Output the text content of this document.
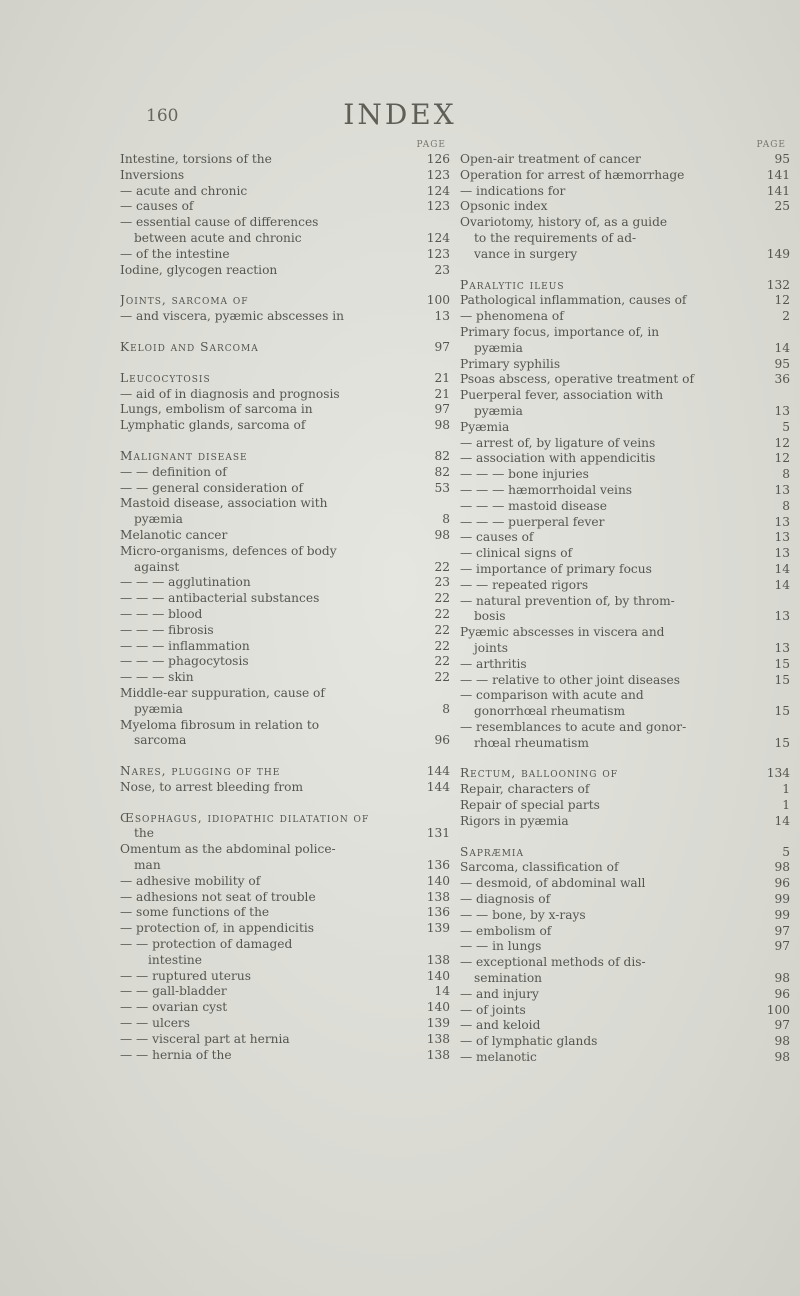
160	INDEX
PAGE
Intestine, torsions of the	126
Inversions	123
— acute and chronic	124
— causes of	123
— essential cause of differences
between acute and chronic	124
— of the intestine	123
Iodine, glycogen reaction	23
Joints, sarcoma of	100
— and viscera, pyæmic abscesses in	13
Keloid and Sarcoma	97
Leucocytosis	21
— aid of in diagnosis and prognosis	21
Lungs, embolism of sarcoma in	97
Lymphatic glands, sarcoma of	98
Malignant disease	82
— — definition of	82
— — general consideration of	53
Mastoid disease, association with
pyæmia	8
Melanotic cancer	98
Micro-organisms, defences of body
against	22
— — — agglutination	23
— — — antibacterial substances	22
— — — blood	22
— — — fibrosis	22
— — — inflammation	22
— — — phagocytosis	22
— — — skin	22
Middle-ear suppuration, cause of
pyæmia	8
Myeloma fibrosum in relation to
sarcoma	96
Nares, plugging of the	144
Nose, to arrest bleeding from	144
Œsophagus, idiopathic dilatation of
the	131
Omentum as the abdominal police-
man	136
— adhesive mobility of	140
— adhesions not seat of trouble	138
— some functions of the	136
— protection of, in appendicitis	139
— — protection of damaged
intestine	138
— — ruptured uterus	140
— — gall-bladder	14
— — ovarian cyst	140
— — ulcers	139
— — visceral part at hernia	138
— — hernia of the	138
PAGE
Open-air treatment of cancer	95
Operation for arrest of hæmorrhage	141
— indications for	141
Opsonic index	25
Ovariotomy, history of, as a guide
to the requirements of ad-
vance in surgery	149
Paralytic ileus	132
Pathological inflammation, causes of	12
— phenomena of	2
Primary focus, importance of, in
pyæmia	14
Primary syphilis	95
Psoas abscess, operative treatment of	36
Puerperal fever, association with
pyæmia	13
Pyæmia	5
— arrest of, by ligature of veins	12
— association with appendicitis	12
— — — bone injuries	8
— — — hæmorrhoidal veins	13
— — — mastoid disease	8
— — — puerperal fever	13
— causes of	13
— clinical signs of	13
— importance of primary focus	14
— — repeated rigors	14
— natural prevention of, by throm-
bosis	13
Pyæmic abscesses in viscera and
joints	13
— arthritis	15
— — relative to other joint diseases	15
— comparison with acute and
gonorrhœal rheumatism	15
— resemblances to acute and gonor-
rhœal rheumatism	15
Rectum, ballooning of	134
Repair, characters of	1
Repair of special parts	1
Rigors in pyæmia	14
Sapræmia	5
Sarcoma, classification of	98
— desmoid, of abdominal wall	96
— diagnosis of	99
— — bone, by x-rays	99
— embolism of	97
— — in lungs	97
— exceptional methods of dis-
semination	98
— and injury	96
— of joints	100
— and keloid	97
— of lymphatic glands	98
— melanotic	98
